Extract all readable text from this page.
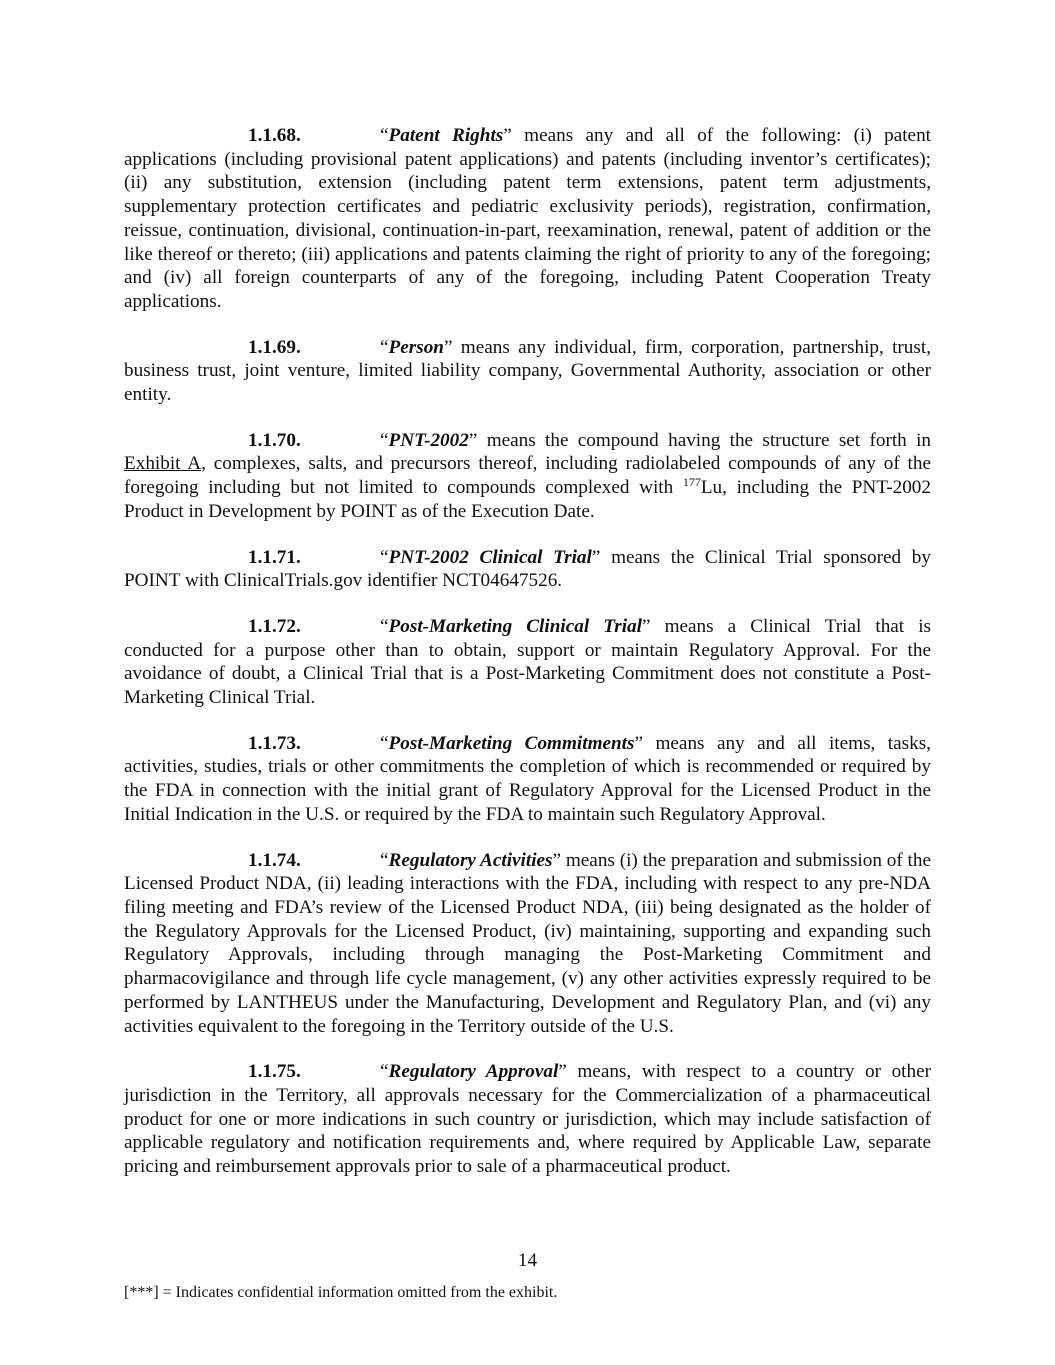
1.1.68.	“Patent Rights” means any and all of the following: (i) patent applications (including provisional patent applications) and patents (including inventor’s certificates); (ii) any substitution, extension (including patent term extensions, patent term adjustments, supplementary protection certificates and pediatric exclusivity periods), registration, confirmation, reissue, continuation, divisional, continuation-in-part, reexamination, renewal, patent of addition or the like thereof or thereto; (iii) applications and patents claiming the right of priority to any of the foregoing; and (iv) all foreign counterparts of any of the foregoing, including Patent Cooperation Treaty applications.

1.1.69.	“Person” means any individual, firm, corporation, partnership, trust, business trust, joint venture, limited liability company, Governmental Authority, association or other entity.

1.1.70.	“PNT-2002” means the compound having the structure set forth in Exhibit A, complexes, salts, and precursors thereof, including radiolabeled compounds of any of the foregoing including but not limited to compounds complexed with $^{177}$Lu, including the PNT-2002 Product in Development by POINT as of the Execution Date.

1.1.71.	“PNT-2002 Clinical Trial” means the Clinical Trial sponsored by POINT with ClinicalTrials.gov identifier NCT04647526.

1.1.72.	“Post-Marketing Clinical Trial” means a Clinical Trial that is conducted for a purpose other than to obtain, support or maintain Regulatory Approval. For the avoidance of doubt, a Clinical Trial that is a Post-Marketing Commitment does not constitute a Post-Marketing Clinical Trial.

1.1.73.	“Post-Marketing Commitments” means any and all items, tasks, activities, studies, trials or other commitments the completion of which is recommended or required by the FDA in connection with the initial grant of Regulatory Approval for the Licensed Product in the Initial Indication in the U.S. or required by the FDA to maintain such Regulatory Approval.

1.1.74.	“Regulatory Activities” means (i) the preparation and submission of the Licensed Product NDA, (ii) leading interactions with the FDA, including with respect to any pre-NDA filing meeting and FDA’s review of the Licensed Product NDA, (iii) being designated as the holder of the Regulatory Approvals for the Licensed Product, (iv) maintaining, supporting and expanding such Regulatory Approvals, including through managing the Post-Marketing Commitment and pharmacovigilance and through life cycle management, (v) any other activities expressly required to be performed by LANTHEUS under the Manufacturing, Development and Regulatory Plan, and (vi) any activities equivalent to the foregoing in the Territory outside of the U.S.

1.1.75.	“Regulatory Approval” means, with respect to a country or other jurisdiction in the Territory, all approvals necessary for the Commercialization of a pharmaceutical product for one or more indications in such country or jurisdiction, which may include satisfaction of applicable regulatory and notification requirements and, where required by Applicable Law, separate pricing and reimbursement approvals prior to sale of a pharmaceutical product.

14
[***] = Indicates confidential information omitted from the exhibit.
